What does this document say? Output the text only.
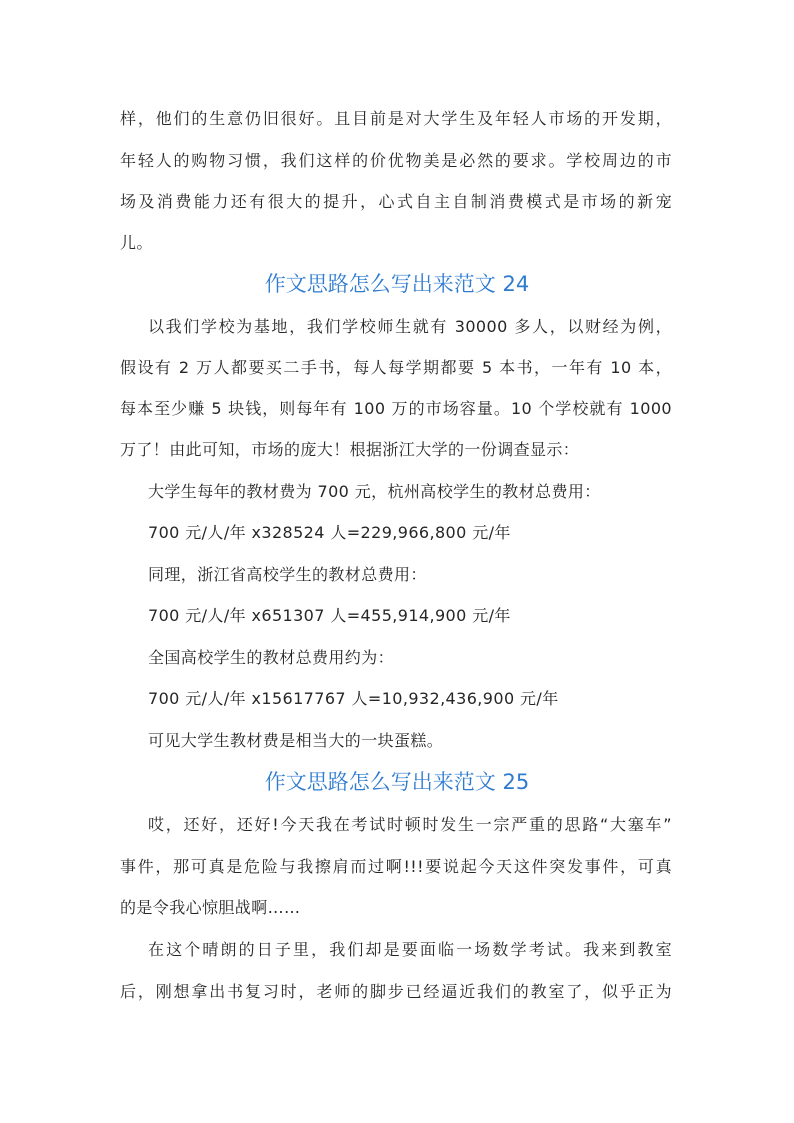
样，他们的生意仍旧很好。且目前是对大学生及年轻人市场的开发期，
年轻人的购物习惯，我们这样的价优物美是必然的要求。学校周边的市
场及消费能力还有很大的提升，心式自主自制消费模式是市场的新宠
儿。
作文思路怎么写出来范文 24
以我们学校为基地，我们学校师生就有 30000 多人，以财经为例，
假设有 2 万人都要买二手书，每人每学期都要 5 本书，一年有 10 本，
每本至少赚 5 块钱，则每年有 100 万的市场容量。10 个学校就有 1000
万了！由此可知，市场的庞大！根据浙江大学的一份调查显示：
大学生每年的教材费为 700 元，杭州高校学生的教材总费用：
700 元/人/年 x328524 人=229,966,800 元/年
同理，浙江省高校学生的教材总费用：
700 元/人/年 x651307 人=455,914,900 元/年
全国高校学生的教材总费用约为：
700 元/人/年 x15617767 人=10,932,436,900 元/年
可见大学生教材费是相当大的一块蛋糕。
作文思路怎么写出来范文 25
哎，还好，还好!今天我在考试时顿时发生一宗严重的思路“大塞车”
事件，那可真是危险与我擦肩而过啊!!!要说起今天这件突发事件，可真
的是令我心惊胆战啊……
在这个晴朗的日子里，我们却是要面临一场数学考试。我来到教室
后，刚想拿出书复习时，老师的脚步已经逼近我们的教室了，似乎正为
